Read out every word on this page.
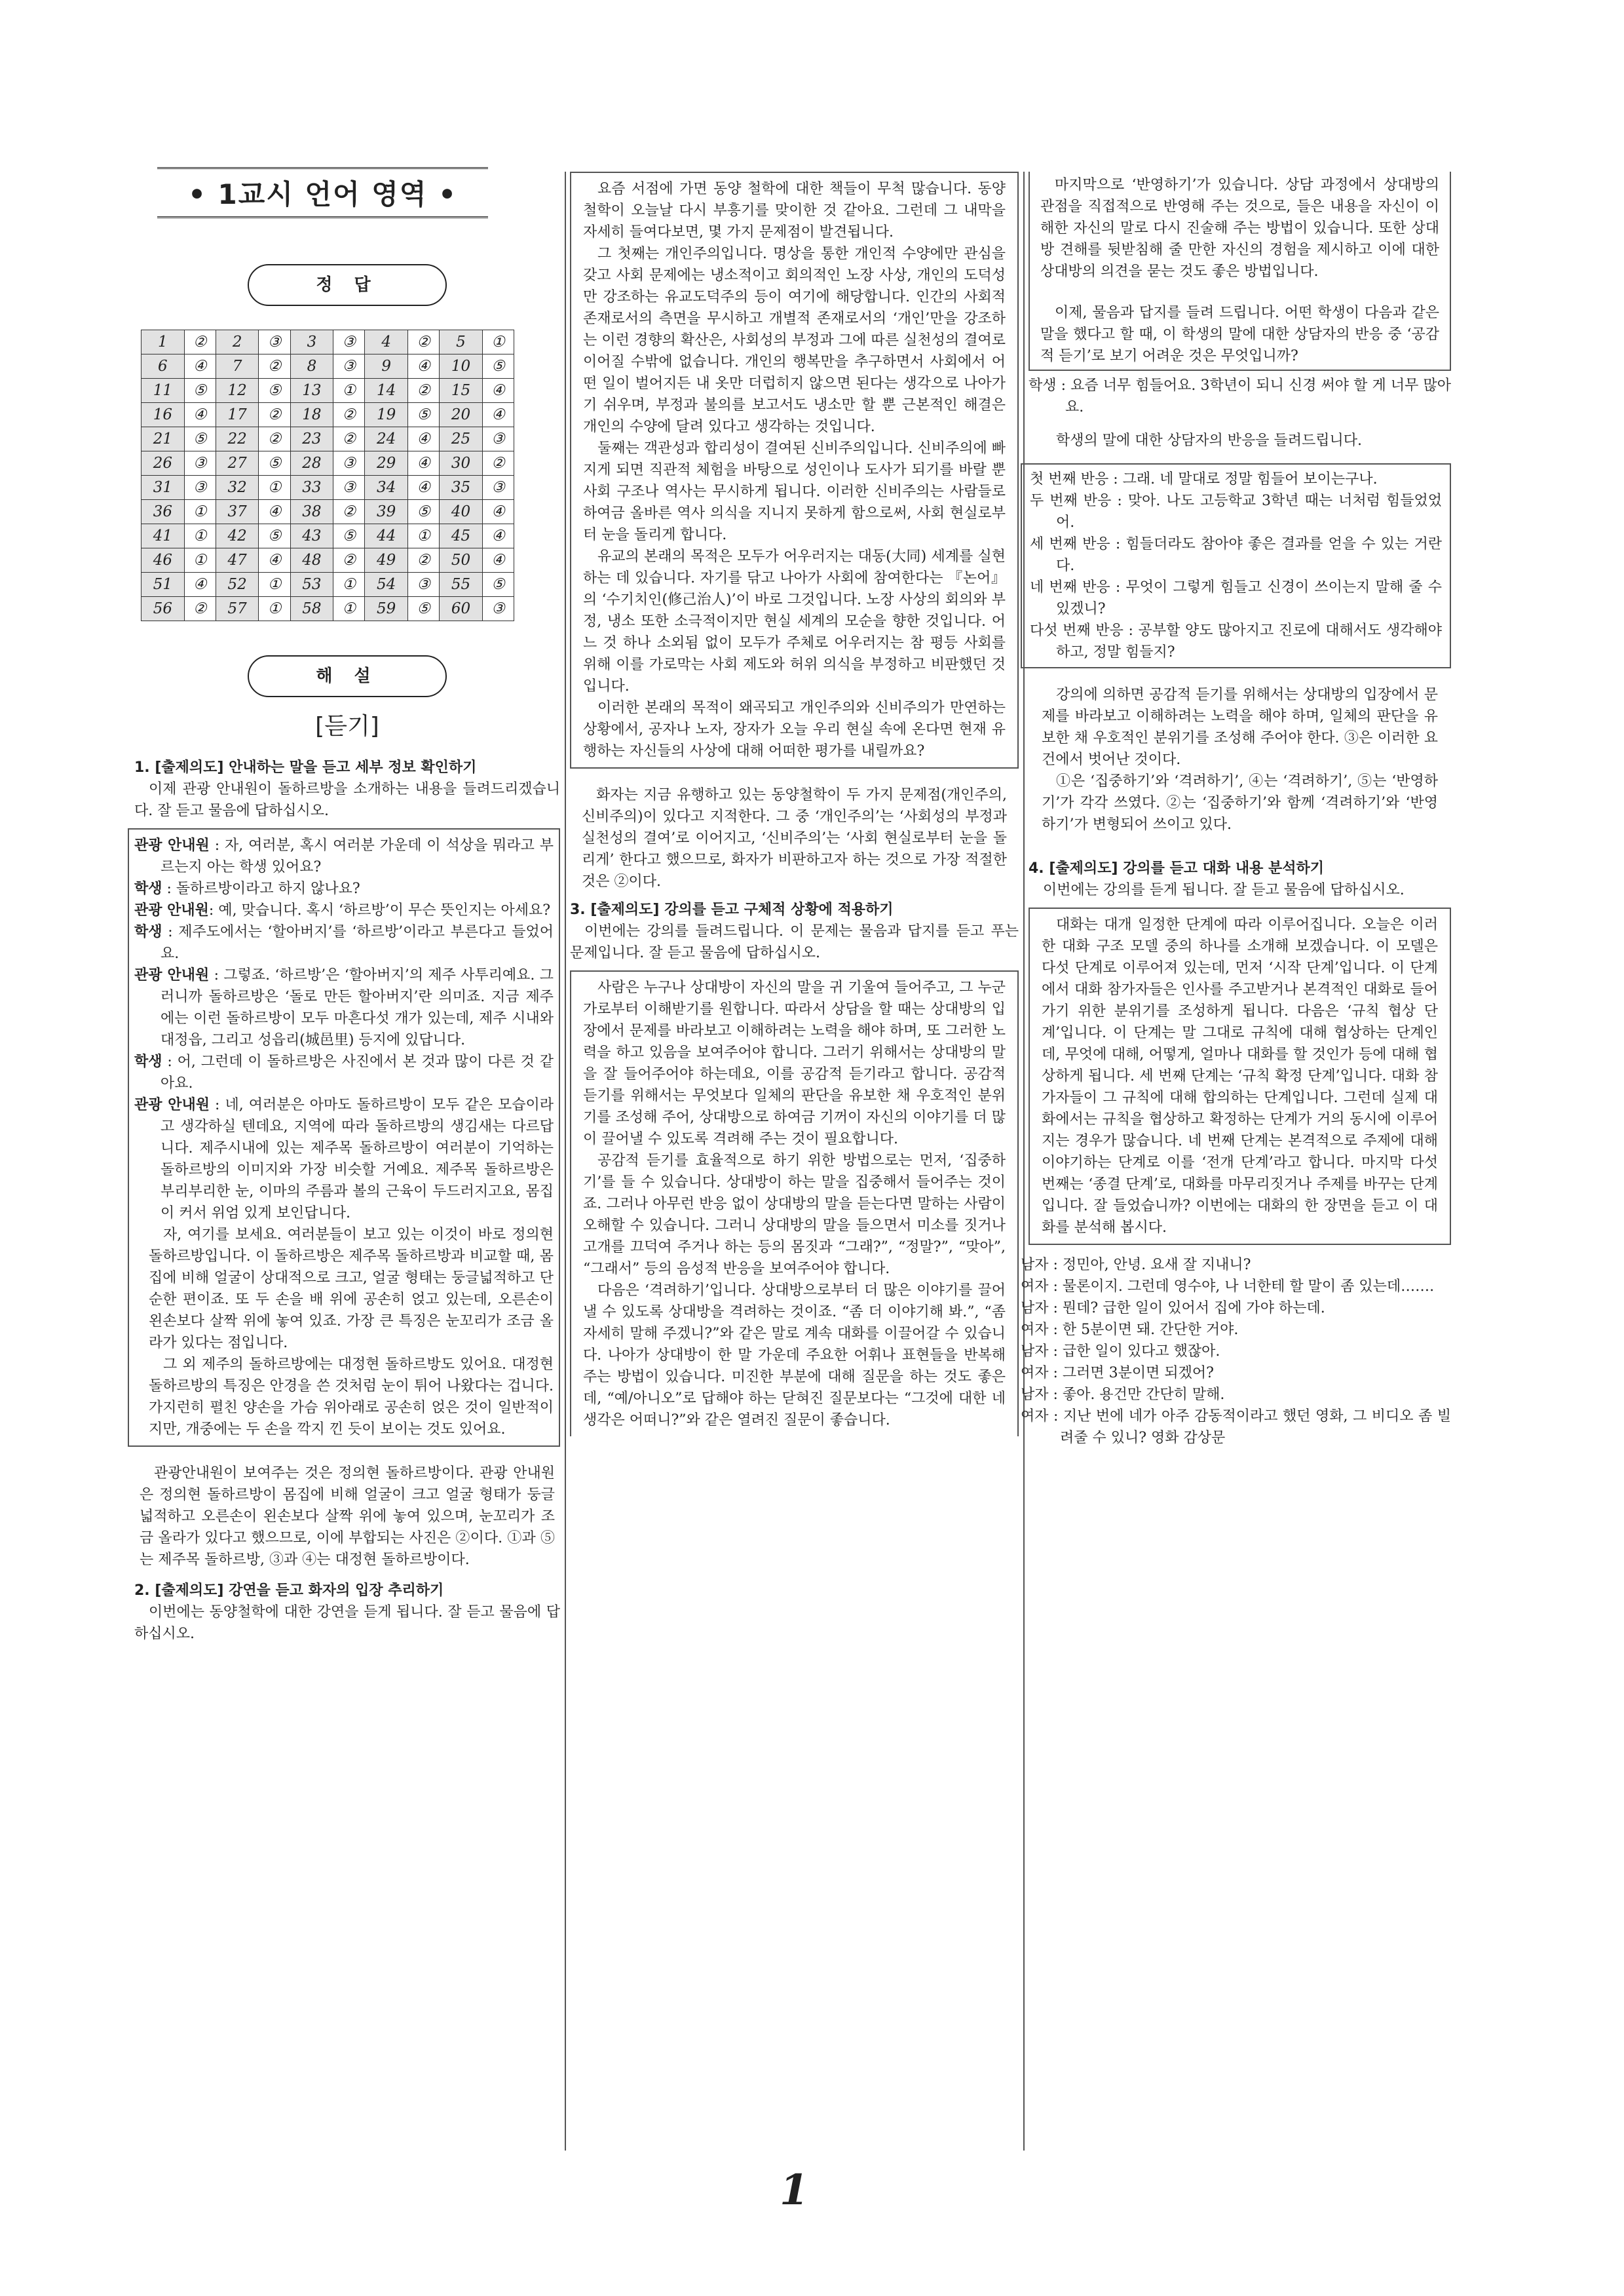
• 1교시 언어 영역 •
정 답
1	②	2	③	3	③	4	②	5	①
6	④	7	②	8	③	9	④	10	⑤
11	⑤	12	⑤	13	①	14	②	15	④
16	④	17	②	18	②	19	⑤	20	④
21	⑤	22	②	23	②	24	④	25	③
26	③	27	⑤	28	③	29	④	30	②
31	③	32	①	33	③	34	④	35	③
36	①	37	④	38	②	39	⑤	40	④
41	①	42	⑤	43	⑤	44	①	45	④
46	①	47	④	48	②	49	②	50	④
51	④	52	①	53	①	54	③	55	⑤
56	②	57	①	58	①	59	⑤	60	③
해 설
[듣기]

1. [출제의도] 안내하는 말을 듣고 세부 정보 확인하기

이제 관광 안내원이 돌하르방을 소개하는 내용을 들려드리겠습니다. 잘 듣고 물음에 답하십시오.

관광 안내원 : 자, 여러분, 혹시 여러분 가운데 이 석상을 뭐라고 부르는지 아는 학생 있어요?

학생 : 돌하르방이라고 하지 않나요?

관광 안내원: 예, 맞습니다. 혹시 ‘하르방’이 무슨 뜻인지는 아세요?

학생 : 제주도에서는 ‘할아버지’를 ‘하르방’이라고 부른다고 들었어요.

관광 안내원 : 그렇죠. ‘하르방’은 ‘할아버지’의 제주 사투리예요. 그러니까 돌하르방은 ‘돌로 만든 할아버지’란 의미죠. 지금 제주에는 이런 돌하르방이 모두 마흔다섯 개가 있는데, 제주 시내와 대정읍, 그리고 성읍리(城邑里) 등지에 있답니다.

학생 : 어, 그런데 이 돌하르방은 사진에서 본 것과 많이 다른 것 같아요.

관광 안내원 : 네, 여러분은 아마도 돌하르방이 모두 같은 모습이라고 생각하실 텐데요, 지역에 따라 돌하르방의 생김새는 다르답니다. 제주시내에 있는 제주목 돌하르방이 여러분이 기억하는 돌하르방의 이미지와 가장 비슷할 거예요. 제주목 돌하르방은 부리부리한 눈, 이마의 주름과 볼의 근육이 두드러지고요, 몸집이 커서 위엄 있게 보인답니다.

자, 여기를 보세요. 여러분들이 보고 있는 이것이 바로 정의현 돌하르방입니다. 이 돌하르방은 제주목 돌하르방과 비교할 때, 몸집에 비해 얼굴이 상대적으로 크고, 얼굴 형태는 둥글넓적하고 단순한 편이죠. 또 두 손을 배 위에 공손히 얹고 있는데, 오른손이 왼손보다 살짝 위에 놓여 있죠. 가장 큰 특징은 눈꼬리가 조금 올라가 있다는 점입니다.

그 외 제주의 돌하르방에는 대정현 돌하르방도 있어요. 대정현 돌하르방의 특징은 안경을 쓴 것처럼 눈이 튀어 나왔다는 겁니다. 가지런히 펼친 양손을 가슴 위아래로 공손히 얹은 것이 일반적이지만, 개중에는 두 손을 깍지 낀 듯이 보이는 것도 있어요.

관광안내원이 보여주는 것은 정의현 돌하르방이다. 관광 안내원은 정의현 돌하르방이 몸집에 비해 얼굴이 크고 얼굴 형태가 둥글넓적하고 오른손이 왼손보다 살짝 위에 놓여 있으며, 눈꼬리가 조금 올라가 있다고 했으므로, 이에 부합되는 사진은 ②이다. ①과 ⑤는 제주목 돌하르방, ③과 ④는 대정현 돌하르방이다.

2. [출제의도] 강연을 듣고 화자의 입장 추리하기

이번에는 동양철학에 대한 강연을 듣게 됩니다. 잘 듣고 물음에 답하십시오.

요즘 서점에 가면 동양 철학에 대한 책들이 무척 많습니다. 동양 철학이 오늘날 다시 부흥기를 맞이한 것 같아요. 그런데 그 내막을 자세히 들여다보면, 몇 가지 문제점이 발견됩니다.

그 첫째는 개인주의입니다. 명상을 통한 개인적 수양에만 관심을 갖고 사회 문제에는 냉소적이고 회의적인 노장 사상, 개인의 도덕성만 강조하는 유교도덕주의 등이 여기에 해당합니다. 인간의 사회적 존재로서의 측면을 무시하고 개별적 존재로서의 ‘개인’만을 강조하는 이런 경향의 확산은, 사회성의 부정과 그에 따른 실천성의 결여로 이어질 수밖에 없습니다. 개인의 행복만을 추구하면서 사회에서 어떤 일이 벌어지든 내 옷만 더럽히지 않으면 된다는 생각으로 나아가기 쉬우며, 부정과 불의를 보고서도 냉소만 할 뿐 근본적인 해결은 개인의 수양에 달려 있다고 생각하는 것입니다.

둘째는 객관성과 합리성이 결여된 신비주의입니다. 신비주의에 빠지게 되면 직관적 체험을 바탕으로 성인이나 도사가 되기를 바랄 뿐 사회 구조나 역사는 무시하게 됩니다. 이러한 신비주의는 사람들로 하여금 올바른 역사 의식을 지니지 못하게 함으로써, 사회 현실로부터 눈을 돌리게 합니다.

유교의 본래의 목적은 모두가 어우러지는 대동(大同) 세계를 실현하는 데 있습니다. 자기를 닦고 나아가 사회에 참여한다는 『논어』의 ‘수기치인(修己治人)’이 바로 그것입니다. 노장 사상의 회의와 부정, 냉소 또한 소극적이지만 현실 세계의 모순을 향한 것입니다. 어느 것 하나 소외됨 없이 모두가 주체로 어우러지는 참 평등 사회를 위해 이를 가로막는 사회 제도와 허위 의식을 부정하고 비판했던 것입니다.

이러한 본래의 목적이 왜곡되고 개인주의와 신비주의가 만연하는 상황에서, 공자나 노자, 장자가 오늘 우리 현실 속에 온다면 현재 유행하는 자신들의 사상에 대해 어떠한 평가를 내릴까요?

화자는 지금 유행하고 있는 동양철학이 두 가지 문제점(개인주의, 신비주의)이 있다고 지적한다. 그 중 ‘개인주의’는 ‘사회성의 부정과 실천성의 결여’로 이어지고, ‘신비주의’는 ‘사회 현실로부터 눈을 돌리게’ 한다고 했으므로, 화자가 비판하고자 하는 것으로 가장 적절한 것은 ②이다.

3. [출제의도] 강의를 듣고 구체적 상황에 적용하기

이번에는 강의를 들려드립니다. 이 문제는 물음과 답지를 듣고 푸는 문제입니다. 잘 듣고 물음에 답하십시오.

사람은 누구나 상대방이 자신의 말을 귀 기울여 들어주고, 그 누군가로부터 이해받기를 원합니다. 따라서 상담을 할 때는 상대방의 입장에서 문제를 바라보고 이해하려는 노력을 해야 하며, 또 그러한 노력을 하고 있음을 보여주어야 합니다. 그러기 위해서는 상대방의 말을 잘 들어주어야 하는데요, 이를 공감적 듣기라고 합니다. 공감적 듣기를 위해서는 무엇보다 일체의 판단을 유보한 채 우호적인 분위기를 조성해 주어, 상대방으로 하여금 기꺼이 자신의 이야기를 더 많이 끌어낼 수 있도록 격려해 주는 것이 필요합니다.

공감적 듣기를 효율적으로 하기 위한 방법으로는 먼저, ‘집중하기’를 들 수 있습니다. 상대방이 하는 말을 집중해서 들어주는 것이죠. 그러나 아무런 반응 없이 상대방의 말을 듣는다면 말하는 사람이 오해할 수 있습니다. 그러니 상대방의 말을 들으면서 미소를 짓거나 고개를 끄덕여 주거나 하는 등의 몸짓과 “그래?”, “정말?”, “맞아”, “그래서” 등의 음성적 반응을 보여주어야 합니다.

다음은 ‘격려하기’입니다. 상대방으로부터 더 많은 이야기를 끌어낼 수 있도록 상대방을 격려하는 것이죠. “좀 더 이야기해 봐.”, “좀 자세히 말해 주겠니?”와 같은 말로 계속 대화를 이끌어갈 수 있습니다. 나아가 상대방이 한 말 가운데 주요한 어휘나 표현들을 반복해 주는 방법이 있습니다. 미진한 부분에 대해 질문을 하는 것도 좋은데, “예/아니오”로 답해야 하는 닫혀진 질문보다는 “그것에 대한 네 생각은 어떠니?”와 같은 열려진 질문이 좋습니다.

마지막으로 ‘반영하기’가 있습니다. 상담 과정에서 상대방의 관점을 직접적으로 반영해 주는 것으로, 들은 내용을 자신이 이해한 자신의 말로 다시 진술해 주는 방법이 있습니다. 또한 상대방 견해를 뒷받침해 줄 만한 자신의 경험을 제시하고 이에 대한 상대방의 의견을 묻는 것도 좋은 방법입니다.

이제, 물음과 답지를 들려 드립니다. 어떤 학생이 다음과 같은 말을 했다고 할 때, 이 학생의 말에 대한 상담자의 반응 중 ‘공감적 듣기’로 보기 어려운 것은 무엇입니까?

학생 : 요즘 너무 힘들어요. 3학년이 되니 신경 써야 할 게 너무 많아요.

학생의 말에 대한 상담자의 반응을 들려드립니다.

첫 번째 반응 : 그래. 네 말대로 정말 힘들어 보이는구나.

두 번째 반응 : 맞아. 나도 고등학교 3학년 때는 너처럼 힘들었었어.

세 번째 반응 : 힘들더라도 참아야 좋은 결과를 얻을 수 있는 거란다.

네 번째 반응 : 무엇이 그렇게 힘들고 신경이 쓰이는지 말해 줄 수 있겠니?

다섯 번째 반응 : 공부할 양도 많아지고 진로에 대해서도 생각해야 하고, 정말 힘들지?

강의에 의하면 공감적 듣기를 위해서는 상대방의 입장에서 문제를 바라보고 이해하려는 노력을 해야 하며, 일체의 판단을 유보한 채 우호적인 분위기를 조성해 주어야 한다. ③은 이러한 요건에서 벗어난 것이다.

①은 ‘집중하기’와 ‘격려하기’, ④는 ‘격려하기’, ⑤는 ‘반영하기’가 각각 쓰였다. ②는 ‘집중하기’와 함께 ‘격려하기’와 ‘반영하기’가 변형되어 쓰이고 있다.

4. [출제의도] 강의를 듣고 대화 내용 분석하기

이번에는 강의를 듣게 됩니다. 잘 듣고 물음에 답하십시오.

대화는 대개 일정한 단계에 따라 이루어집니다. 오늘은 이러한 대화 구조 모델 중의 하나를 소개해 보겠습니다. 이 모델은 다섯 단계로 이루어져 있는데, 먼저 ‘시작 단계’입니다. 이 단계에서 대화 참가자들은 인사를 주고받거나 본격적인 대화로 들어가기 위한 분위기를 조성하게 됩니다. 다음은 ‘규칙 협상 단계’입니다. 이 단계는 말 그대로 규칙에 대해 협상하는 단계인데, 무엇에 대해, 어떻게, 얼마나 대화를 할 것인가 등에 대해 협상하게 됩니다. 세 번째 단계는 ‘규칙 확정 단계’입니다. 대화 참가자들이 그 규칙에 대해 합의하는 단계입니다. 그런데 실제 대화에서는 규칙을 협상하고 확정하는 단계가 거의 동시에 이루어지는 경우가 많습니다. 네 번째 단계는 본격적으로 주제에 대해 이야기하는 단계로 이를 ‘전개 단계’라고 합니다. 마지막 다섯 번째는 ‘종결 단계’로, 대화를 마무리짓거나 주제를 바꾸는 단계입니다. 잘 들었습니까? 이번에는 대화의 한 장면을 듣고 이 대화를 분석해 봅시다.

남자 : 정민아, 안녕. 요새 잘 지내니?

여자 : 물론이지. 그런데 영수야, 나 너한테 할 말이 좀 있는데…….

남자 : 뭔데? 급한 일이 있어서 집에 가야 하는데.

여자 : 한 5분이면 돼. 간단한 거야.

남자 : 급한 일이 있다고 했잖아.

여자 : 그러면 3분이면 되겠어?

남자 : 좋아. 용건만 간단히 말해.

여자 : 지난 번에 네가 아주 감동적이라고 했던 영화, 그 비디오 좀 빌려줄 수 있니? 영화 감상문

1
